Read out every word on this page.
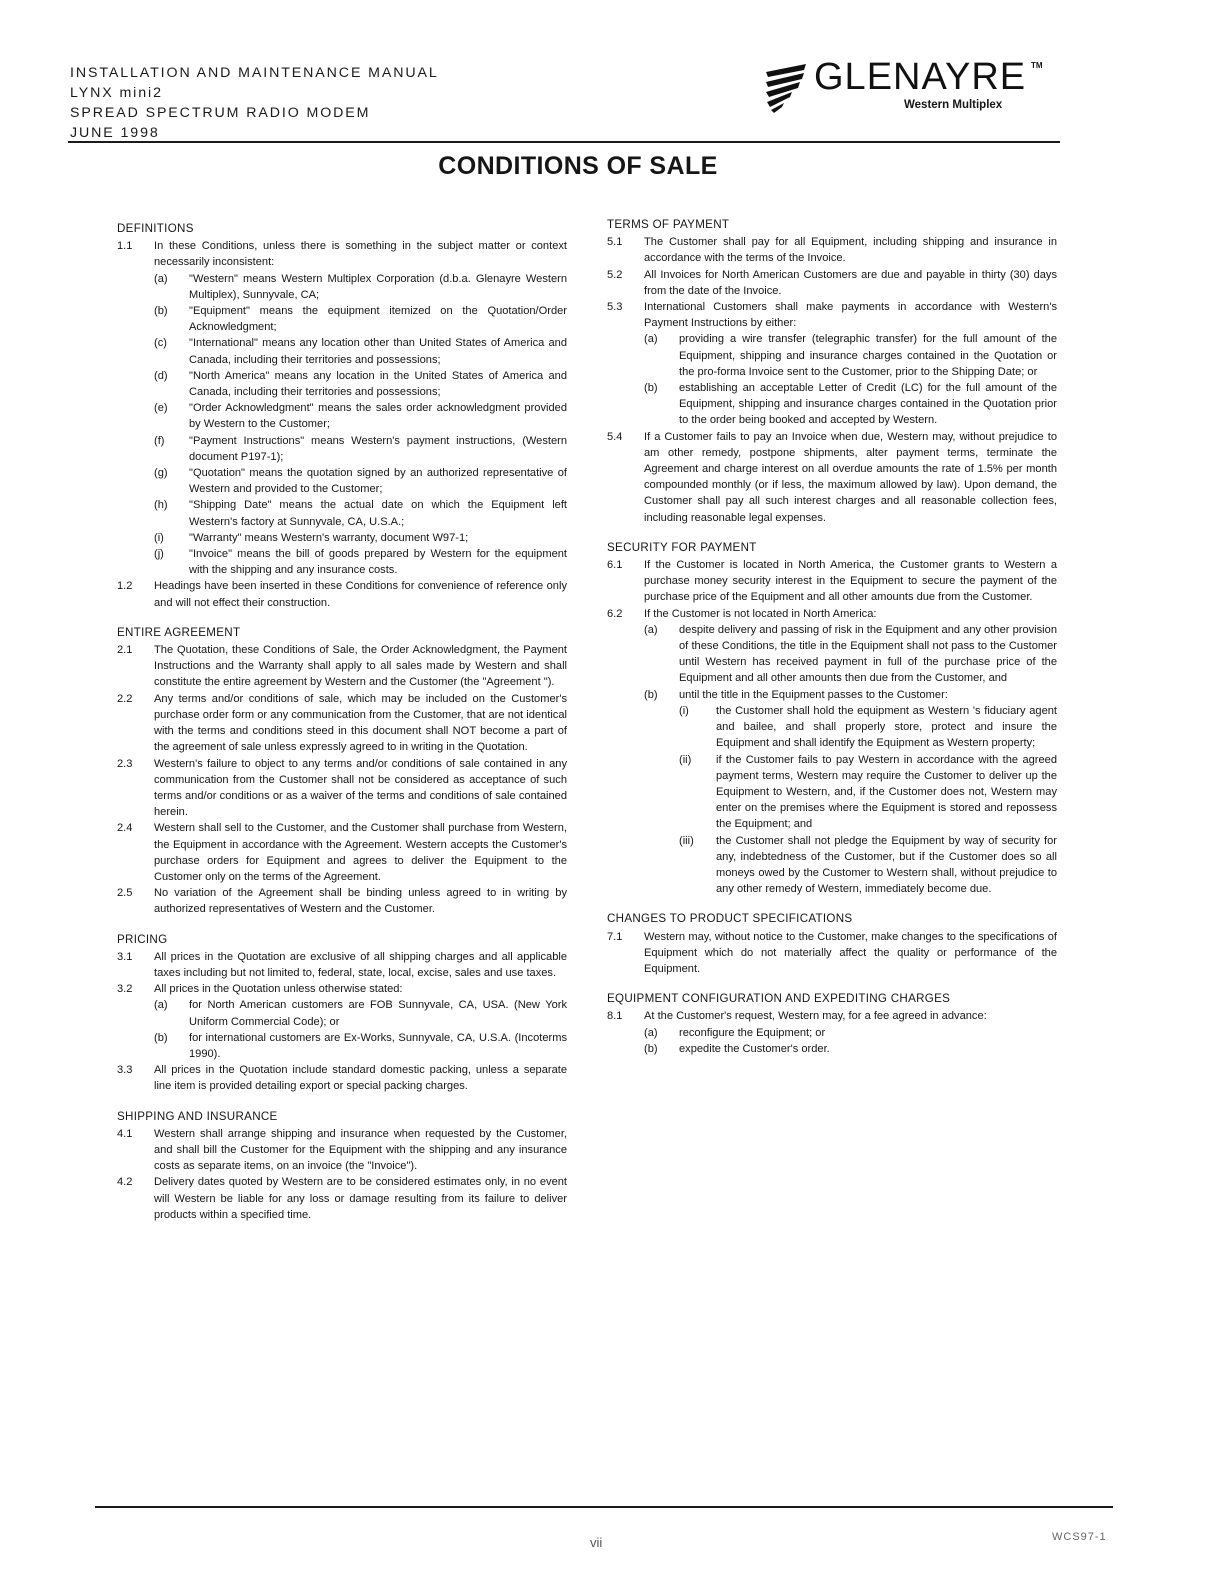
INSTALLATION AND MAINTENANCE MANUAL
LYNX mini2
SPREAD SPECTRUM RADIO MODEM
JUNE 1998
GLENAYRE TM
Western Multiplex
CONDITIONS OF SALE
DEFINITIONS
1.1 In these Conditions, unless there is something in the subject matter or context necessarily inconsistent:
(a) "Western" means Western Multiplex Corporation (d.b.a. Glenayre Western Multiplex), Sunnyvale, CA;
(b) "Equipment" means the equipment itemized on the Quotation/Order Acknowledgment;
(c) "International" means any location other than United States of America and Canada, including their territories and possessions;
(d) "North America" means any location in the United States of America and Canada, including their territories and possessions;
(e) "Order Acknowledgment" means the sales order acknowledgment provided by Western to the Customer;
(f) "Payment Instructions" means Western's payment instructions, (Western document P197-1);
(g) "Quotation" means the quotation signed by an authorized representative of Western and provided to the Customer;
(h) "Shipping Date" means the actual date on which the Equipment left Western's factory at Sunnyvale, CA, U.S.A.;
(i) "Warranty" means Western's warranty, document W97-1;
(j) "Invoice" means the bill of goods prepared by Western for the equipment with the shipping and any insurance costs.
1.2 Headings have been inserted in these Conditions for convenience of reference only and will not effect their construction.
ENTIRE AGREEMENT
2.1 The Quotation, these Conditions of Sale, the Order Acknowledgment, the Payment Instructions and the Warranty shall apply to all sales made by Western and shall constitute the entire agreement by Western and the Customer (the "Agreement ").
2.2 Any terms and/or conditions of sale, which may be included on the Customer's purchase order form or any communication from the Customer, that are not identical with the terms and conditions steed in this document shall NOT become a part of the agreement of sale unless expressly agreed to in writing in the Quotation.
2.3 Western's failure to object to any terms and/or conditions of sale contained in any communication from the Customer shall not be considered as acceptance of such terms and/or conditions or as a waiver of the terms and conditions of sale contained herein.
2.4 Western shall sell to the Customer, and the Customer shall purchase from Western, the Equipment in accordance with the Agreement. Western accepts the Customer's purchase orders for Equipment and agrees to deliver the Equipment to the Customer only on the terms of the Agreement.
2.5 No variation of the Agreement shall be binding unless agreed to in writing by authorized representatives of Western and the Customer.
PRICING
3.1 All prices in the Quotation are exclusive of all shipping charges and all applicable taxes including but not limited to, federal, state, local, excise, sales and use taxes.
3.2 All prices in the Quotation unless otherwise stated:
(a) for North American customers are FOB Sunnyvale, CA, USA. (New York Uniform Commercial Code); or
(b) for international customers are Ex-Works, Sunnyvale, CA, U.S.A. (Incoterms 1990).
3.3 All prices in the Quotation include standard domestic packing, unless a separate line item is provided detailing export or special packing charges.
SHIPPING AND INSURANCE
4.1 Western shall arrange shipping and insurance when requested by the Customer, and shall bill the Customer for the Equipment with the shipping and any insurance costs as separate items, on an invoice (the "Invoice").
4.2 Delivery dates quoted by Western are to be considered estimates only, in no event will Western be liable for any loss or damage resulting from its failure to deliver products within a specified time.
TERMS OF PAYMENT
5.1 The Customer shall pay for all Equipment, including shipping and insurance in accordance with the terms of the Invoice.
5.2 All Invoices for North American Customers are due and payable in thirty (30) days from the date of the Invoice.
5.3 International Customers shall make payments in accordance with Western's Payment Instructions by either:
(a) providing a wire transfer (telegraphic transfer) for the full amount of the Equipment, shipping and insurance charges contained in the Quotation or the pro-forma Invoice sent to the Customer, prior to the Shipping Date; or
(b) establishing an acceptable Letter of Credit (LC) for the full amount of the Equipment, shipping and insurance charges contained in the Quotation prior to the order being booked and accepted by Western.
5.4 If a Customer fails to pay an Invoice when due, Western may, without prejudice to am other remedy, postpone shipments, alter payment terms, terminate the Agreement and charge interest on all overdue amounts the rate of 1.5% per month compounded monthly (or if less, the maximum allowed by law). Upon demand, the Customer shall pay all such interest charges and all reasonable collection fees, including reasonable legal expenses.
SECURITY FOR PAYMENT
6.1 If the Customer is located in North America, the Customer grants to Western a purchase money security interest in the Equipment to secure the payment of the purchase price of the Equipment and all other amounts due from the Customer.
6.2 If the Customer is not located in North America:
(a) despite delivery and passing of risk in the Equipment and any other provision of these Conditions, the title in the Equipment shall not pass to the Customer until Western has received payment in full of the purchase price of the Equipment and all other amounts then due from the Customer, and
(b) until the title in the Equipment passes to the Customer:
(i) the Customer shall hold the equipment as Western 's fiduciary agent and bailee, and shall properly store, protect and insure the Equipment and shall identify the Equipment as Western property;
(ii) if the Customer fails to pay Western in accordance with the agreed payment terms, Western may require the Customer to deliver up the Equipment to Western, and, if the Customer does not, Western may enter on the premises where the Equipment is stored and repossess the Equipment; and
(iii) the Customer shall not pledge the Equipment by way of security for any, indebtedness of the Customer, but if the Customer does so all moneys owed by the Customer to Western shall, without prejudice to any other remedy of Western, immediately become due.
CHANGES TO PRODUCT SPECIFICATIONS
7.1 Western may, without notice to the Customer, make changes to the specifications of Equipment which do not materially affect the quality or performance of the Equipment.
EQUIPMENT CONFIGURATION AND EXPEDITING CHARGES
8.1 At the Customer's request, Western may, for a fee agreed in advance:
(a) reconfigure the Equipment; or
(b) expedite the Customer's order.
vii	WCS97-1
